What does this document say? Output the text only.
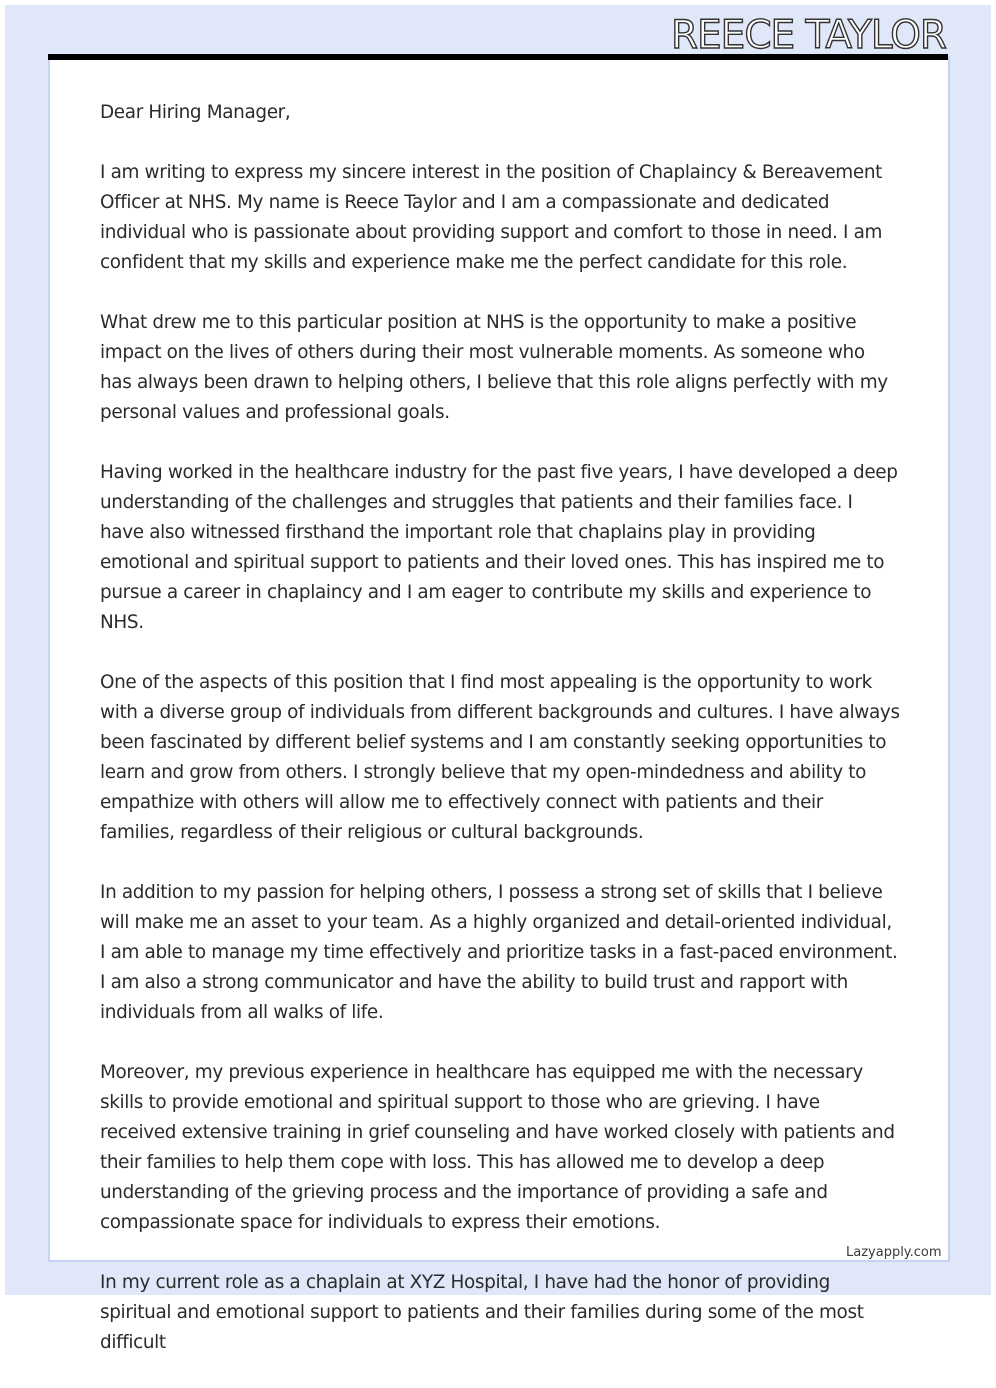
REECE TAYLOR

Dear Hiring Manager,

I am writing to express my sincere interest in the position of Chaplaincy & Bereavement Officer at NHS. My name is Reece Taylor and I am a compassionate and dedicated individual who is passionate about providing support and comfort to those in need. I am confident that my skills and experience make me the perfect candidate for this role.

What drew me to this particular position at NHS is the opportunity to make a positive impact on the lives of others during their most vulnerable moments. As someone who has always been drawn to helping others, I believe that this role aligns perfectly with my personal values and professional goals.

Having worked in the healthcare industry for the past five years, I have developed a deep understanding of the challenges and struggles that patients and their families face. I have also witnessed firsthand the important role that chaplains play in providing emotional and spiritual support to patients and their loved ones. This has inspired me to pursue a career in chaplaincy and I am eager to contribute my skills and experience to NHS.

One of the aspects of this position that I find most appealing is the opportunity to work with a diverse group of individuals from different backgrounds and cultures. I have always been fascinated by different belief systems and I am constantly seeking opportunities to learn and grow from others. I strongly believe that my open-mindedness and ability to empathize with others will allow me to effectively connect with patients and their families, regardless of their religious or cultural backgrounds.

In addition to my passion for helping others, I possess a strong set of skills that I believe will make me an asset to your team. As a highly organized and detail-oriented individual, I am able to manage my time effectively and prioritize tasks in a fast-paced environment. I am also a strong communicator and have the ability to build trust and rapport with individuals from all walks of life.

Moreover, my previous experience in healthcare has equipped me with the necessary skills to provide emotional and spiritual support to those who are grieving. I have received extensive training in grief counseling and have worked closely with patients and their families to help them cope with loss. This has allowed me to develop a deep understanding of the grieving process and the importance of providing a safe and compassionate space for individuals to express their emotions.

In my current role as a chaplain at XYZ Hospital, I have had the honor of providing spiritual and emotional support to patients and their families during some of the most difficult

Lazyapply.com
